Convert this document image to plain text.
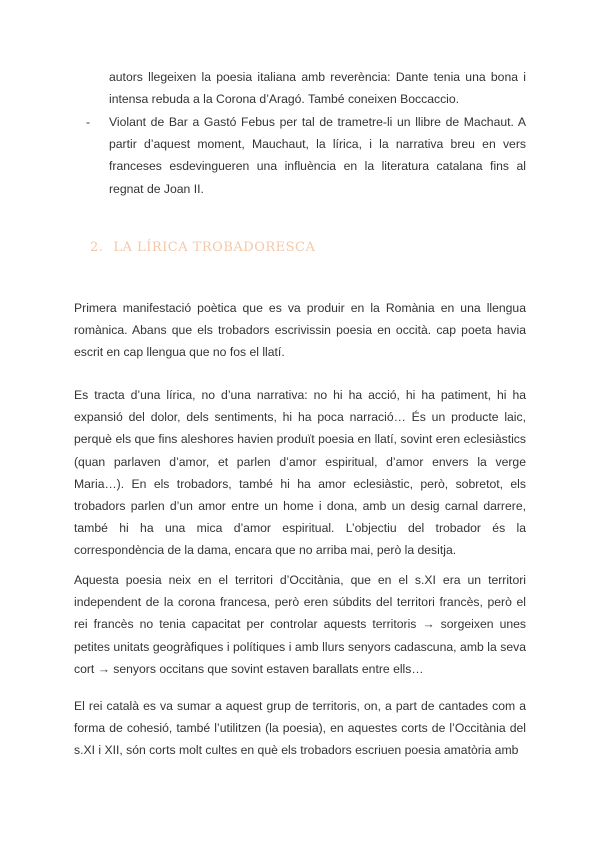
autors llegeixen la poesia italiana amb reverència: Dante tenia una bona i intensa rebuda a la Corona d’Aragó. També coneixen Boccaccio.

- Violant de Bar a Gastó Febus per tal de trametre-li un llibre de Machaut. A partir d’aquest moment, Mauchaut, la lírica, i la narrativa breu en vers franceses esdevingueren una influència en la literatura catalana fins al regnat de Joan II.

2. LA LÍRICA TROBADORESCA

Primera manifestació poètica que es va produir en la Romània en una llengua romànica. Abans que els trobadors escrivissin poesia en occità. cap poeta havia escrit en cap llengua que no fos el llatí.

Es tracta d’una lírica, no d’una narrativa: no hi ha acció, hi ha patiment, hi ha expansió del dolor, dels sentiments, hi ha poca narració… És un producte laic, perquè els que fins aleshores havien produït poesia en llatí, sovint eren eclesiàstics (quan parlaven d’amor, et parlen d’amor espiritual, d’amor envers la verge Maria…). En els trobadors, també hi ha amor eclesiàstic, però, sobretot, els trobadors parlen d’un amor entre un home i dona, amb un desig carnal darrere, també hi ha una mica d’amor espiritual. L’objectiu del trobador és la correspondència de la dama, encara que no arriba mai, però la desitja.

Aquesta poesia neix en el territori d’Occitània, que en el s.XI era un territori independent de la corona francesa, però eren súbdits del territori francès, però el rei francès no tenia capacitat per controlar aquests territoris → sorgeixen unes petites unitats geogràfiques i polítiques i amb llurs senyors cadascuna, amb la seva cort → senyors occitans que sovint estaven barallats entre ells…

El rei català es va sumar a aquest grup de territoris, on, a part de cantades com a forma de cohesió, també l’utilitzen (la poesia), en aquestes corts de l’Occitània del s.XI i XII, són corts molt cultes en què els trobadors escriuen poesia amatòria amb
